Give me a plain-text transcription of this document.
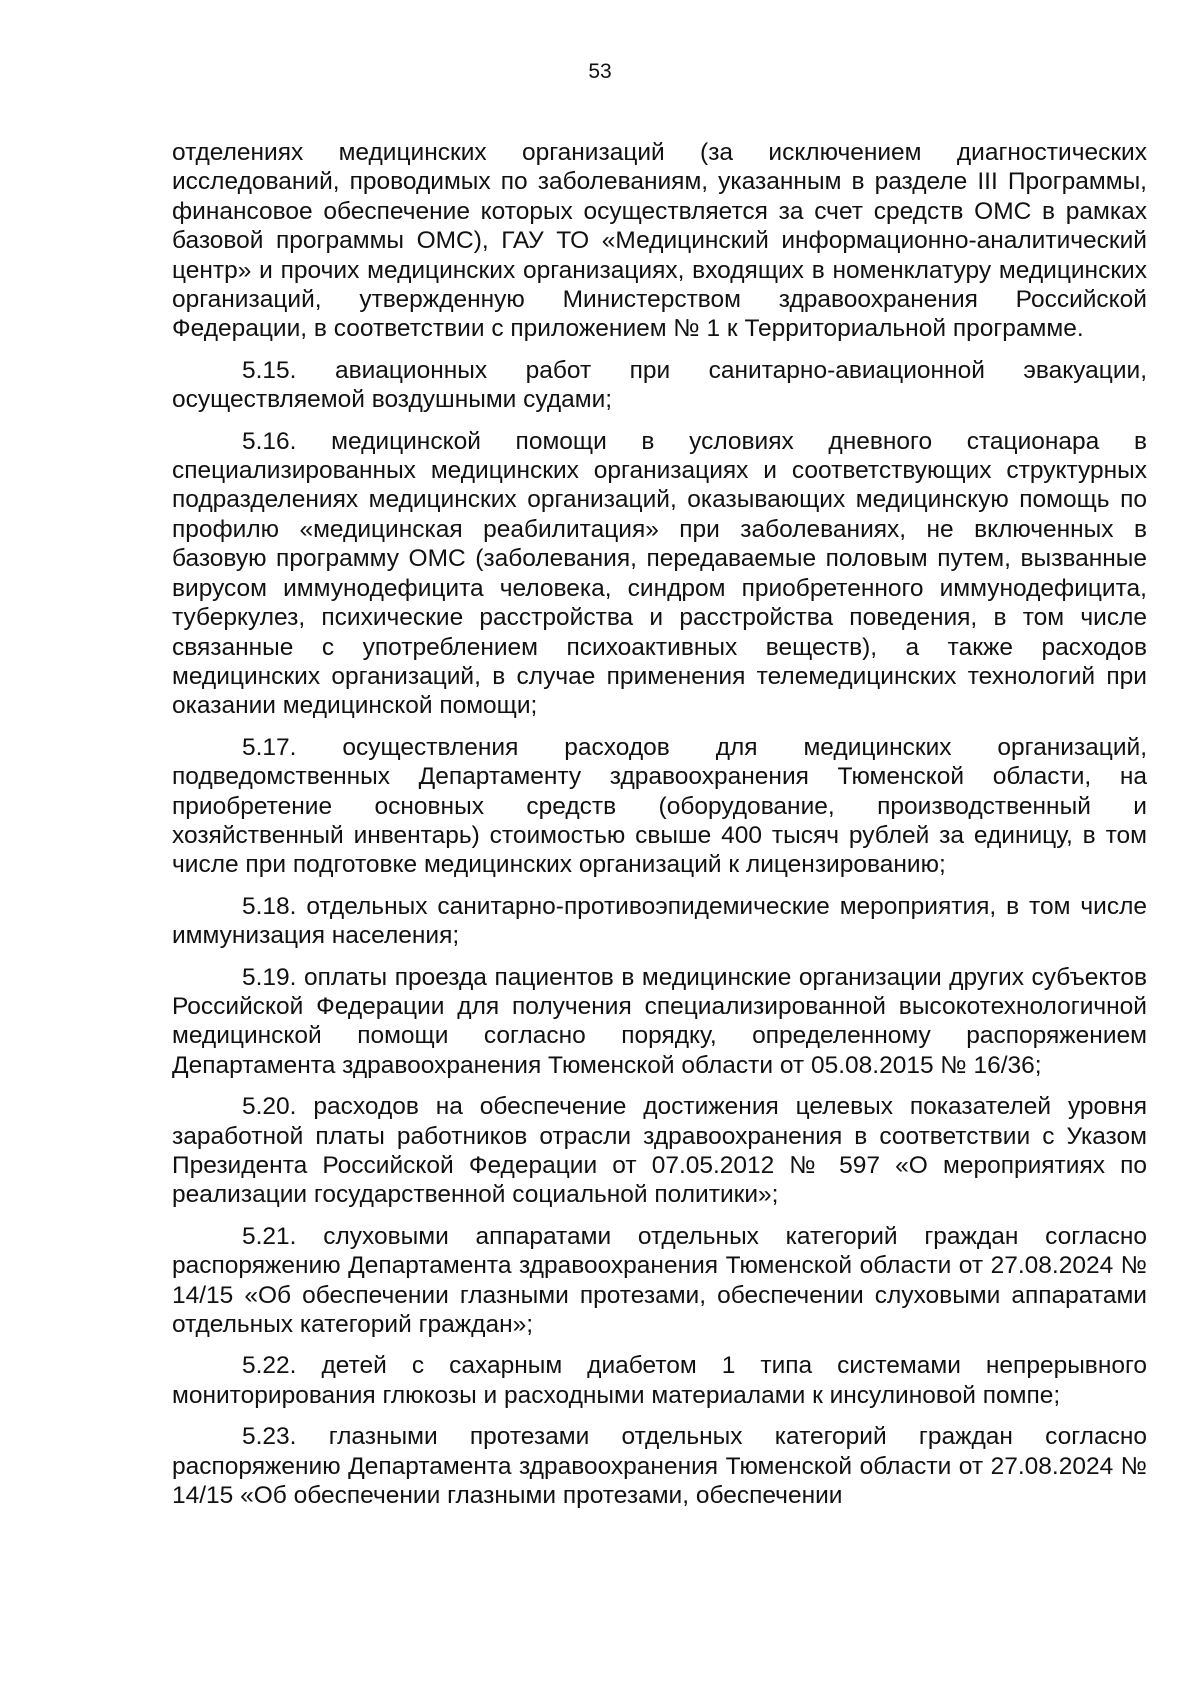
53

отделениях медицинских организаций (за исключением диагностических исследований, проводимых по заболеваниям, указанным в разделе III Программы, финансовое обеспечение которых осуществляется за счет средств ОМС в рамках базовой программы ОМС), ГАУ ТО «Медицинский информационно-аналитический центр» и прочих медицинских организациях, входящих в номенклатуру медицинских организаций, утвержденную Министерством здравоохранения Российской Федерации, в соответствии с приложением № 1 к Территориальной программе.

5.15. авиационных работ при санитарно-авиационной эвакуации, осуществляемой воздушными судами;

5.16. медицинской помощи в условиях дневного стационара в специализированных медицинских организациях и соответствующих структурных подразделениях медицинских организаций, оказывающих медицинскую помощь по профилю «медицинская реабилитация» при заболеваниях, не включенных в базовую программу ОМС (заболевания, передаваемые половым путем, вызванные вирусом иммунодефицита человека, синдром приобретенного иммунодефицита, туберкулез, психические расстройства и расстройства поведения, в том числе связанные с употреблением психоактивных веществ), а также расходов медицинских организаций, в случае применения телемедицинских технологий при оказании медицинской помощи;

5.17. осуществления расходов для медицинских организаций, подведомственных Департаменту здравоохранения Тюменской области, на приобретение основных средств (оборудование, производственный и хозяйственный инвентарь) стоимостью свыше 400 тысяч рублей за единицу, в том числе при подготовке медицинских организаций к лицензированию;

5.18. отдельных санитарно-противоэпидемические мероприятия, в том числе иммунизация населения;

5.19. оплаты проезда пациентов в медицинские организации других субъектов Российской Федерации для получения специализированной высокотехнологичной медицинской помощи согласно порядку, определенному распоряжением Департамента здравоохранения Тюменской области от 05.08.2015 № 16/36;

5.20. расходов на обеспечение достижения целевых показателей уровня заработной платы работников отрасли здравоохранения в соответствии с Указом Президента Российской Федерации от 07.05.2012 № 597 «О мероприятиях по реализации государственной социальной политики»;

5.21. слуховыми аппаратами отдельных категорий граждан согласно распоряжению Департамента здравоохранения Тюменской области от 27.08.2024 № 14/15 «Об обеспечении глазными протезами, обеспечении слуховыми аппаратами отдельных категорий граждан»;

5.22. детей с сахарным диабетом 1 типа системами непрерывного мониторирования глюкозы и расходными материалами к инсулиновой помпе;

5.23. глазными протезами отдельных категорий граждан согласно распоряжению Департамента здравоохранения Тюменской области от 27.08.2024 № 14/15 «Об обеспечении глазными протезами, обеспечении
